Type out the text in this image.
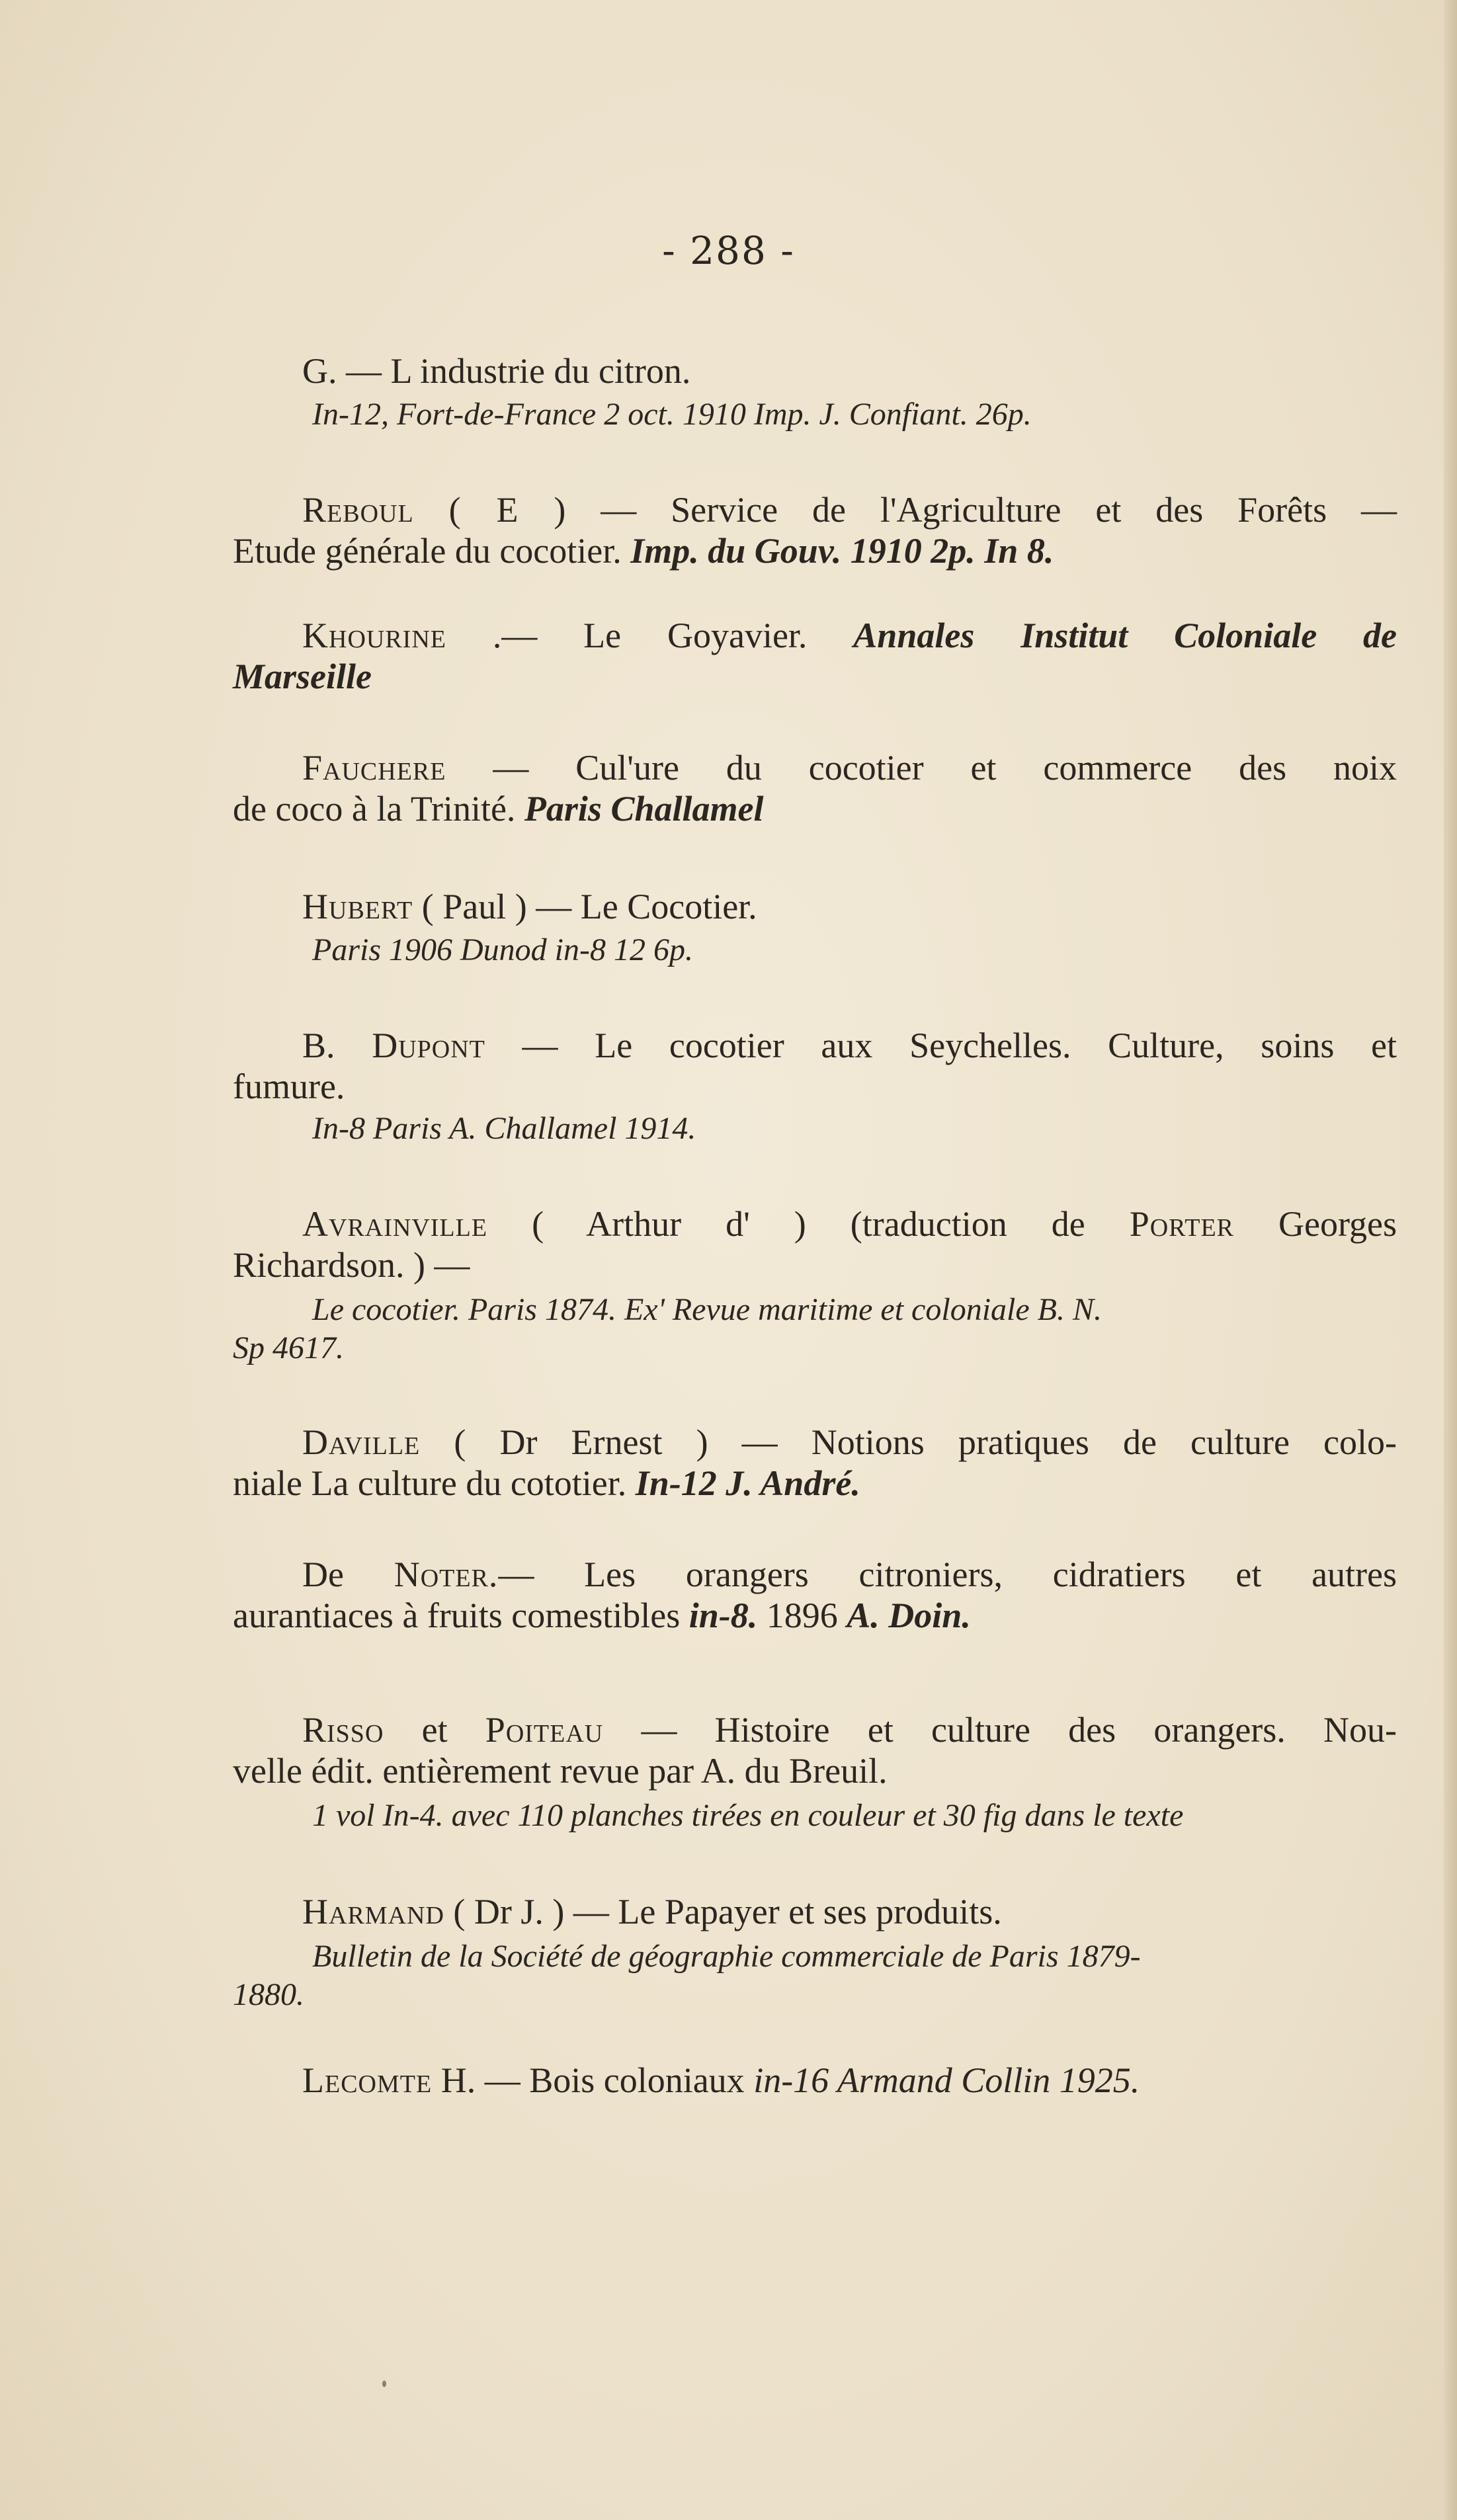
- 288 -
G. — L industrie du citron.
In-12, Fort-de-France 2 oct. 1910 Imp. J. Confiant. 26p.
Reboul ( E ) — Service de l'Agriculture et des Forêts —
Etude générale du cocotier. Imp. du Gouv. 1910 2p. In 8.
Khourine .— Le Goyavier. Annales Institut Coloniale de
Marseille
Fauchere — Cul'ure du cocotier et commerce des noix
de coco à la Trinité. Paris Challamel
Hubert ( Paul ) — Le Cocotier.
Paris 1906 Dunod in-8 12 6p.
B. Dupont — Le cocotier aux Seychelles. Culture, soins et
fumure.
In-8 Paris A. Challamel 1914.
Avrainville ( Arthur d' ) (traduction de Porter Georges
Richardson. ) —
Le cocotier. Paris 1874. Ex' Revue maritime et coloniale B. N.
Sp 4617.
Daville ( Dr Ernest ) — Notions pratiques de culture colo-
niale La culture du cototier. In-12 J. André.
De Noter.— Les orangers citroniers, cidratiers et autres
aurantiaces à fruits comestibles in-8. 1896 A. Doin.
Risso et Poiteau — Histoire et culture des orangers. Nou-
velle édit. entièrement revue par A. du Breuil.
1 vol In-4. avec 110 planches tirées en couleur et 30 fig dans le texte
Harmand ( Dr J. ) — Le Papayer et ses produits.
Bulletin de la Société de géographie commerciale de Paris 1879-
1880.
Lecomte H. — Bois coloniaux in-16 Armand Collin 1925.
